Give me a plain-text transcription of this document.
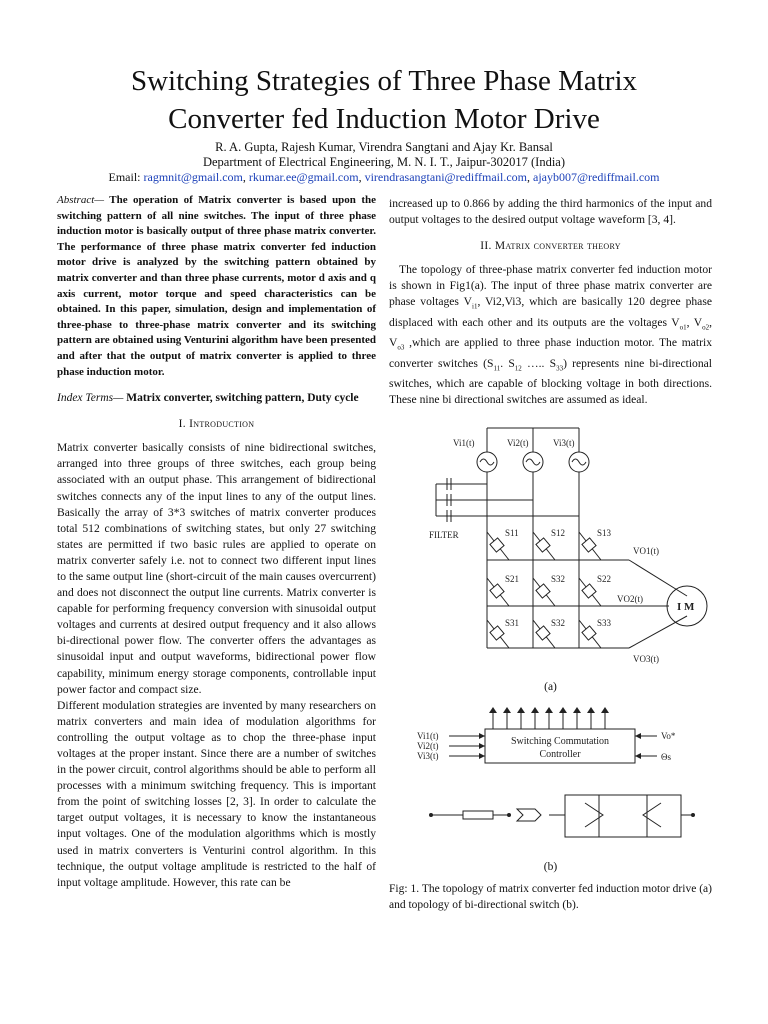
Switching Strategies of Three Phase Matrix
Converter fed Induction Motor Drive
R. A. Gupta, Rajesh Kumar, Virendra Sangtani and Ajay Kr. Bansal
Department of Electrical Engineering, M. N. I. T., Jaipur-302017 (India)
Email: ragmnit@gmail.com, rkumar.ee@gmail.com, virendrasangtani@rediffmail.com, ajayb007@rediffmail.com

Abstract— The operation of Matrix converter is based upon the switching pattern of all nine switches. The input of three phase induction motor is basically output of three phase matrix converter. The performance of three phase matrix converter fed induction motor drive is analyzed by the switching pattern obtained by matrix converter and than three phase currents, motor d axis and q axis current, motor torque and speed characteristics can be obtained. In this paper, simulation, design and implementation of three-phase to three-phase matrix converter and its switching pattern are obtained using Venturini algorithm have been presented and after that the output of matrix converter is applied to three phase induction motor.

Index Terms— Matrix converter, switching pattern, Duty cycle

I. Introduction

Matrix converter basically consists of nine bidirectional switches, arranged into three groups of three switches, each group being associated with an output phase. This arrangement of bidirectional switches connects any of the input lines to any of the output lines. Basically the array of 3*3 switches of matrix converter produces total 512 combinations of switching states, but only 27 switching states are permitted if two basic rules are applied to operate on matrix converter safely i.e. not to connect two different input lines to the same output line (short-circuit of the main causes overcurrent) and does not disconnect the output line currents. Matrix converter is capable for performing frequency conversion with sinusoidal output voltages and currents at desired output frequency and it also allows bi-directional power flow. The converter offers the advantages as sinusoidal input and output waveforms, bidirectional power flow capability, minimum energy storage components, controllable input power factor and compact size.

Different modulation strategies are invented by many researchers on matrix converters and main idea of modulation algorithms for controlling the output voltage as to chop the three-phase input voltages at the proper instant. Since there are a number of switches in the power circuit, control algorithms should be able to perform all processes with a minimum switching frequency. This is important from the point of switching losses [2, 3]. In order to calculate the target output voltages, it is necessary to know the instantaneous input voltages. One of the modulation algorithms which is mostly used in matrix converters is Venturini control algorithm. In this technique, the output voltage amplitude is restricted to the half of input voltage amplitude. However, this rate can be

increased up to 0.866 by adding the third harmonics of the input and output voltages to the desired output voltage waveform [3, 4].

II. Matrix converter theory

The topology of three-phase matrix converter fed induction motor is shown in Fig1(a). The input of three phase matrix converter are phase voltages $V_{i1}$, Vi2,Vi3, which are basically 120 degree phase displaced with each other and its outputs are the voltages $V_{o1}$, $V_{o2}$, $V_{o3}$ ,which are applied to three phase induction motor. The matrix converter switches ($S_{11}$. $S_{12}$ ….. $S_{33}$) represents nine bi-directional switches, which are capable of blocking voltage in both directions. These nine bi directional switches are assumed as ideal.

Vi1(t)	Vi2(t)	Vi3(t)
FILTER	S11	S12	S13
S21	S32	S22
S31	S32	S33
VO1(t)
VO2(t)
VO3(t)
I M
(a)
Vi1(t)
Vi2(t)
Vi3(t)
Switching Commutation
Controller
Vo*
Θs
(b)
Fig: 1. The topology of matrix converter fed induction motor drive (a) and topology of bi-directional switch (b).
